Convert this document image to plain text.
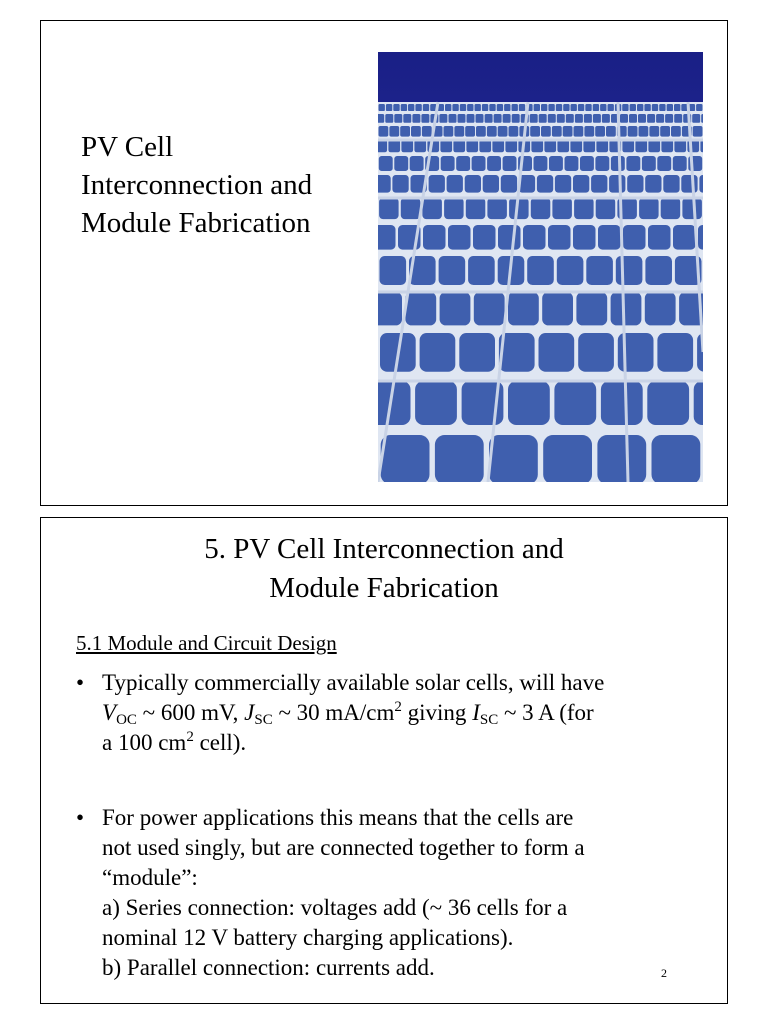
PV Cell
Interconnection and
Module Fabrication
5. PV Cell Interconnection and
Module Fabrication
5.1 Module and Circuit Design
• Typically commercially available solar cells, will have
$V_{OC}$ ~ 600 mV, $J_{SC}$ ~ 30 $mA/cm^2$ giving $I_{SC}$ ~ 3 A (for
a 100 $cm^2$ cell).
• For power applications this means that the cells are
not used singly, but are connected together to form a
“module”:
a) Series connection: voltages add (~ 36 cells for a
nominal 12 V battery charging applications).
b) Parallel connection: currents add.	2
